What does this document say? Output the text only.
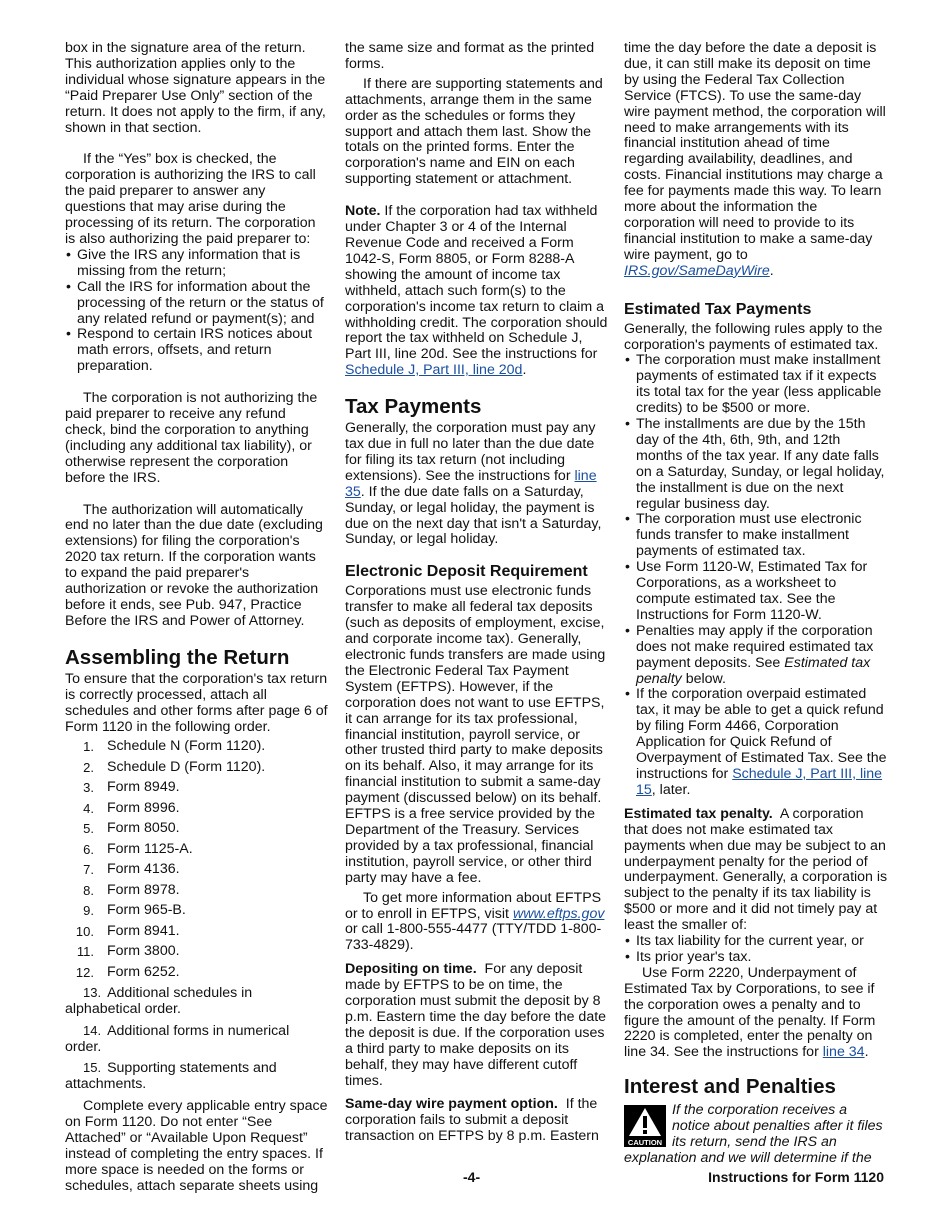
box in the signature area of the return. This authorization applies only to the individual whose signature appears in the “Paid Preparer Use Only” section of the return. It does not apply to the firm, if any, shown in that section.

If the “Yes” box is checked, the corporation is authorizing the IRS to call the paid preparer to answer any questions that may arise during the processing of its return. The corporation is also authorizing the paid preparer to:

• Give the IRS any information that is missing from the return;

• Call the IRS for information about the processing of the return or the status of any related refund or payment(s); and

• Respond to certain IRS notices about math errors, offsets, and return preparation.

The corporation is not authorizing the paid preparer to receive any refund check, bind the corporation to anything (including any additional tax liability), or otherwise represent the corporation before the IRS.

The authorization will automatically end no later than the due date (excluding extensions) for filing the corporation's 2020 tax return. If the corporation wants to expand the paid preparer's authorization or revoke the authorization before it ends, see Pub. 947, Practice Before the IRS and Power of Attorney.

Assembling the Return

To ensure that the corporation's tax return is correctly processed, attach all schedules and other forms after page 6 of Form 1120 in the following order.

1. Schedule N (Form 1120).
2. Schedule D (Form 1120).
3. Form 8949.
4. Form 8996.
5. Form 8050.
6. Form 1125-A.
7. Form 4136.
8. Form 8978.
9. Form 965-B.
10. Form 8941.
11. Form 3800.
12. Form 6252.
13. Additional schedules in alphabetical order.
14. Additional forms in numerical order.
15. Supporting statements and attachments.

Complete every applicable entry space on Form 1120. Do not enter “See Attached” or “Available Upon Request” instead of completing the entry spaces. If more space is needed on the forms or schedules, attach separate sheets using

the same size and format as the printed forms.

If there are supporting statements and attachments, arrange them in the same order as the schedules or forms they support and attach them last. Show the totals on the printed forms. Enter the corporation's name and EIN on each supporting statement or attachment.

Note. If the corporation had tax withheld under Chapter 3 or 4 of the Internal Revenue Code and received a Form 1042-S, Form 8805, or Form 8288-A showing the amount of income tax withheld, attach such form(s) to the corporation's income tax return to claim a withholding credit. The corporation should report the tax withheld on Schedule J, Part III, line 20d. See the instructions for Schedule J, Part III, line 20d.

Tax Payments

Generally, the corporation must pay any tax due in full no later than the due date for filing its tax return (not including extensions). See the instructions for line 35. If the due date falls on a Saturday, Sunday, or legal holiday, the payment is due on the next day that isn't a Saturday, Sunday, or legal holiday.

Electronic Deposit Requirement

Corporations must use electronic funds transfer to make all federal tax deposits (such as deposits of employment, excise, and corporate income tax). Generally, electronic funds transfers are made using the Electronic Federal Tax Payment System (EFTPS). However, if the corporation does not want to use EFTPS, it can arrange for its tax professional, financial institution, payroll service, or other trusted third party to make deposits on its behalf. Also, it may arrange for its financial institution to submit a same-day payment (discussed below) on its behalf. EFTPS is a free service provided by the Department of the Treasury. Services provided by a tax professional, financial institution, payroll service, or other third party may have a fee.

To get more information about EFTPS or to enroll in EFTPS, visit www.eftps.gov or call 1-800-555-4477 (TTY/TDD 1-800-733-4829).

Depositing on time. For any deposit made by EFTPS to be on time, the corporation must submit the deposit by 8 p.m. Eastern time the day before the date the deposit is due. If the corporation uses a third party to make deposits on its behalf, they may have different cutoff times.

Same-day wire payment option. If the corporation fails to submit a deposit transaction on EFTPS by 8 p.m. Eastern

time the day before the date a deposit is due, it can still make its deposit on time by using the Federal Tax Collection Service (FTCS). To use the same-day wire payment method, the corporation will need to make arrangements with its financial institution ahead of time regarding availability, deadlines, and costs. Financial institutions may charge a fee for payments made this way. To learn more about the information the corporation will need to provide to its financial institution to make a same-day wire payment, go to IRS.gov/SameDayWire.

Estimated Tax Payments

Generally, the following rules apply to the corporation's payments of estimated tax.

• The corporation must make installment payments of estimated tax if it expects its total tax for the year (less applicable credits) to be $500 or more.

• The installments are due by the 15th day of the 4th, 6th, 9th, and 12th months of the tax year. If any date falls on a Saturday, Sunday, or legal holiday, the installment is due on the next regular business day.

• The corporation must use electronic funds transfer to make installment payments of estimated tax.

• Use Form 1120-W, Estimated Tax for Corporations, as a worksheet to compute estimated tax. See the Instructions for Form 1120-W.

• Penalties may apply if the corporation does not make required estimated tax payment deposits. See Estimated tax penalty below.

• If the corporation overpaid estimated tax, it may be able to get a quick refund by filing Form 4466, Corporation Application for Quick Refund of Overpayment of Estimated Tax. See the instructions for Schedule J, Part III, line 15, later.

Estimated tax penalty. A corporation that does not make estimated tax payments when due may be subject to an underpayment penalty for the period of underpayment. Generally, a corporation is subject to the penalty if its tax liability is $500 or more and it did not timely pay at least the smaller of:

• Its tax liability for the current year, or

• Its prior year's tax.

Use Form 2220, Underpayment of Estimated Tax by Corporations, to see if the corporation owes a penalty and to figure the amount of the penalty. If Form 2220 is completed, enter the penalty on line 34. See the instructions for line 34.

Interest and Penalties
CAUTION

If the corporation receives a notice about penalties after it files its return, send the IRS an explanation and we will determine if the

-4-	Instructions for Form 1120
